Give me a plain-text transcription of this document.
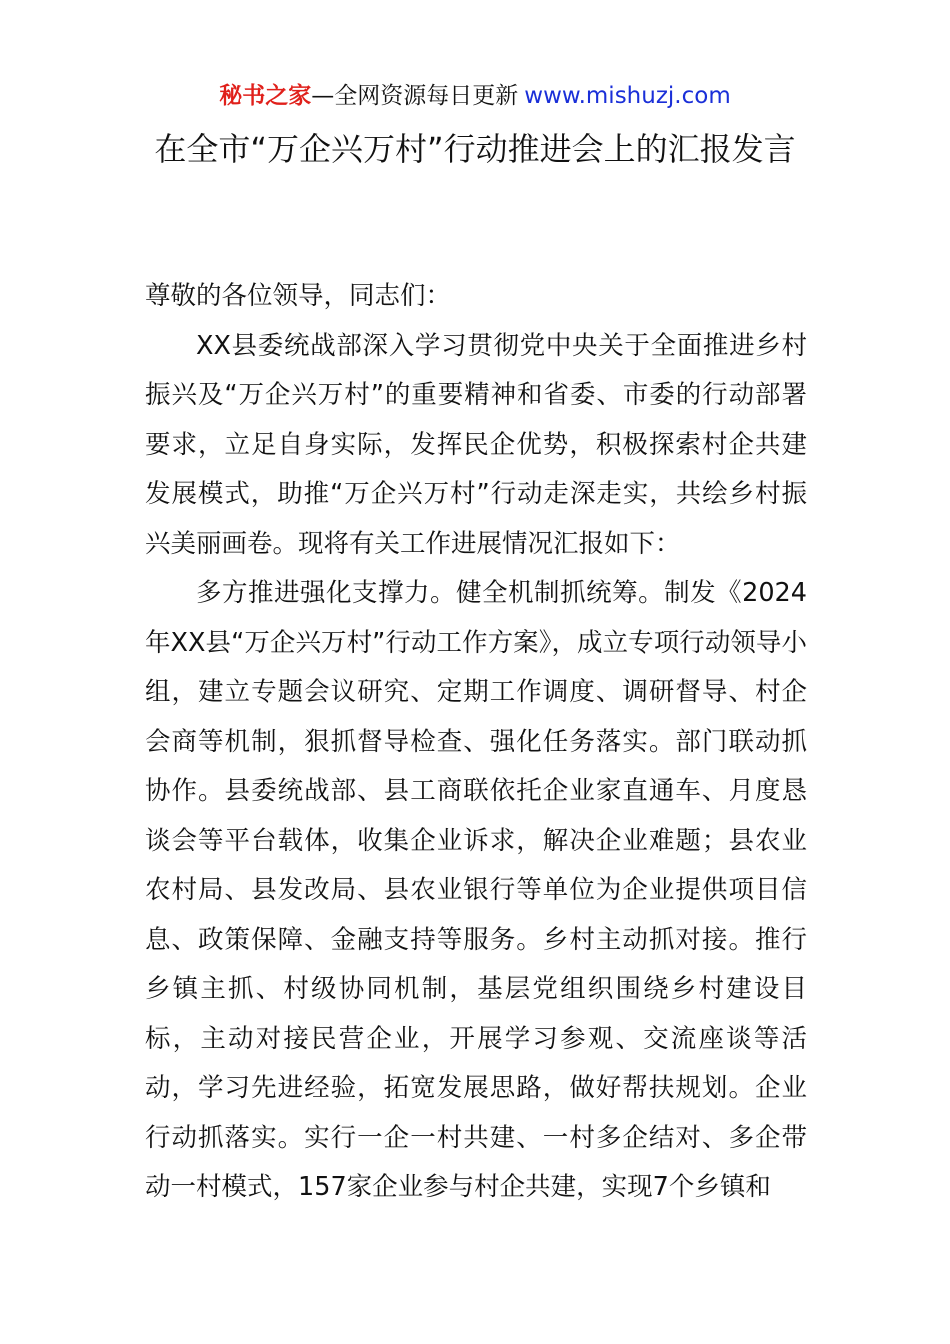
秘书之家—全网资源每日更新 www.mishuzj.com
在全市“万企兴万村”行动推进会上的汇报发言

尊敬的各位领导，同志们：

XX县委统战部深入学习贯彻党中央关于全面推进乡村振兴及“万企兴万村”的重要精神和省委、市委的行动部署要求，立足自身实际，发挥民企优势，积极探索村企共建发展模式，助推“万企兴万村”行动走深走实，共绘乡村振兴美丽画卷。现将有关工作进展情况汇报如下：

多方推进强化支撑力。健全机制抓统筹。制发《2024年XX县“万企兴万村”行动工作方案》，成立专项行动领导小组，建立专题会议研究、定期工作调度、调研督导、村企会商等机制，狠抓督导检查、强化任务落实。部门联动抓协作。县委统战部、县工商联依托企业家直通车、月度恳谈会等平台载体，收集企业诉求，解决企业难题；县农业农村局、县发改局、县农业银行等单位为企业提供项目信息、政策保障、金融支持等服务。乡村主动抓对接。推行乡镇主抓、村级协同机制，基层党组织围绕乡村建设目标，主动对接民营企业，开展学习参观、交流座谈等活动，学习先进经验，拓宽发展思路，做好帮扶规划。企业行动抓落实。实行一企一村共建、一村多企结对、多企带动一村模式，157家企业参与村企共建，实现7个乡镇和
